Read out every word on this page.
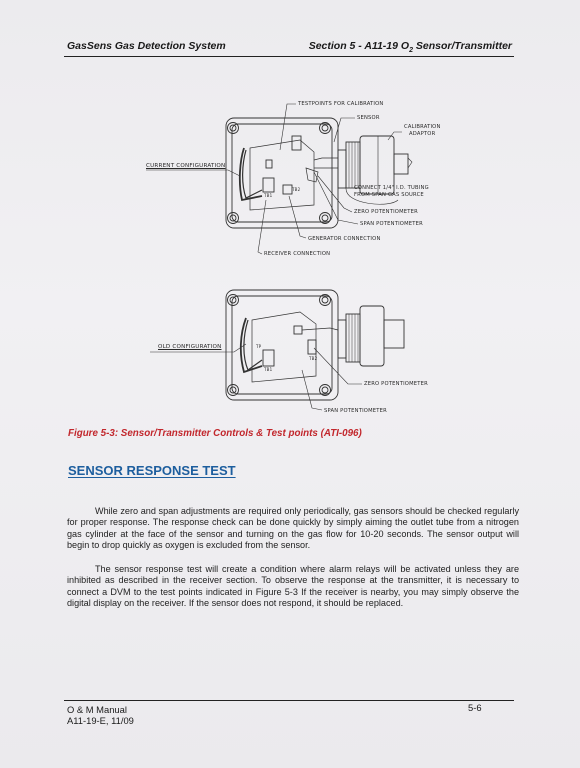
GasSens Gas Detection System	Section 5 - A11-19 $O_2$ Sensor/Transmitter
TESTPOINTS FOR CALIBRATION
SENSOR
CALIBRATION
ADAPTOR
CURRENT CONFIGURATION
CONNECT 1/4" I.D. TUBING
FROM SPAN GAS SOURCE
ZERO POTENTIOMETER
SPAN POTENTIOMETER
GENERATOR CONNECTION
RECEIVER CONNECTION
TB1
TB2
OLD CONFIGURATION
ZERO POTENTIOMETER
SPAN POTENTIOMETER
TB1
TB2
TP
Figure 5-3: Sensor/Transmitter Controls & Test points (ATI-096)
SENSOR RESPONSE TEST

While zero and span adjustments are required only periodically, gas sensors should be checked regularly for proper response. The response check can be done quickly by simply aiming the outlet tube from a nitrogen gas cylinder at the face of the sensor and turning on the gas flow for 10-20 seconds. The sensor output will begin to drop quickly as oxygen is excluded from the sensor.

The sensor response test will create a condition where alarm relays will be activated unless they are inhibited as described in the receiver section. To observe the response at the transmitter, it is necessary to connect a DVM to the test points indicated in Figure 5-3 If the receiver is nearby, you may simply observe the digital display on the receiver. If the sensor does not respond, it should be replaced.

O & M Manual
A11-19-E, 11/09
5-6
